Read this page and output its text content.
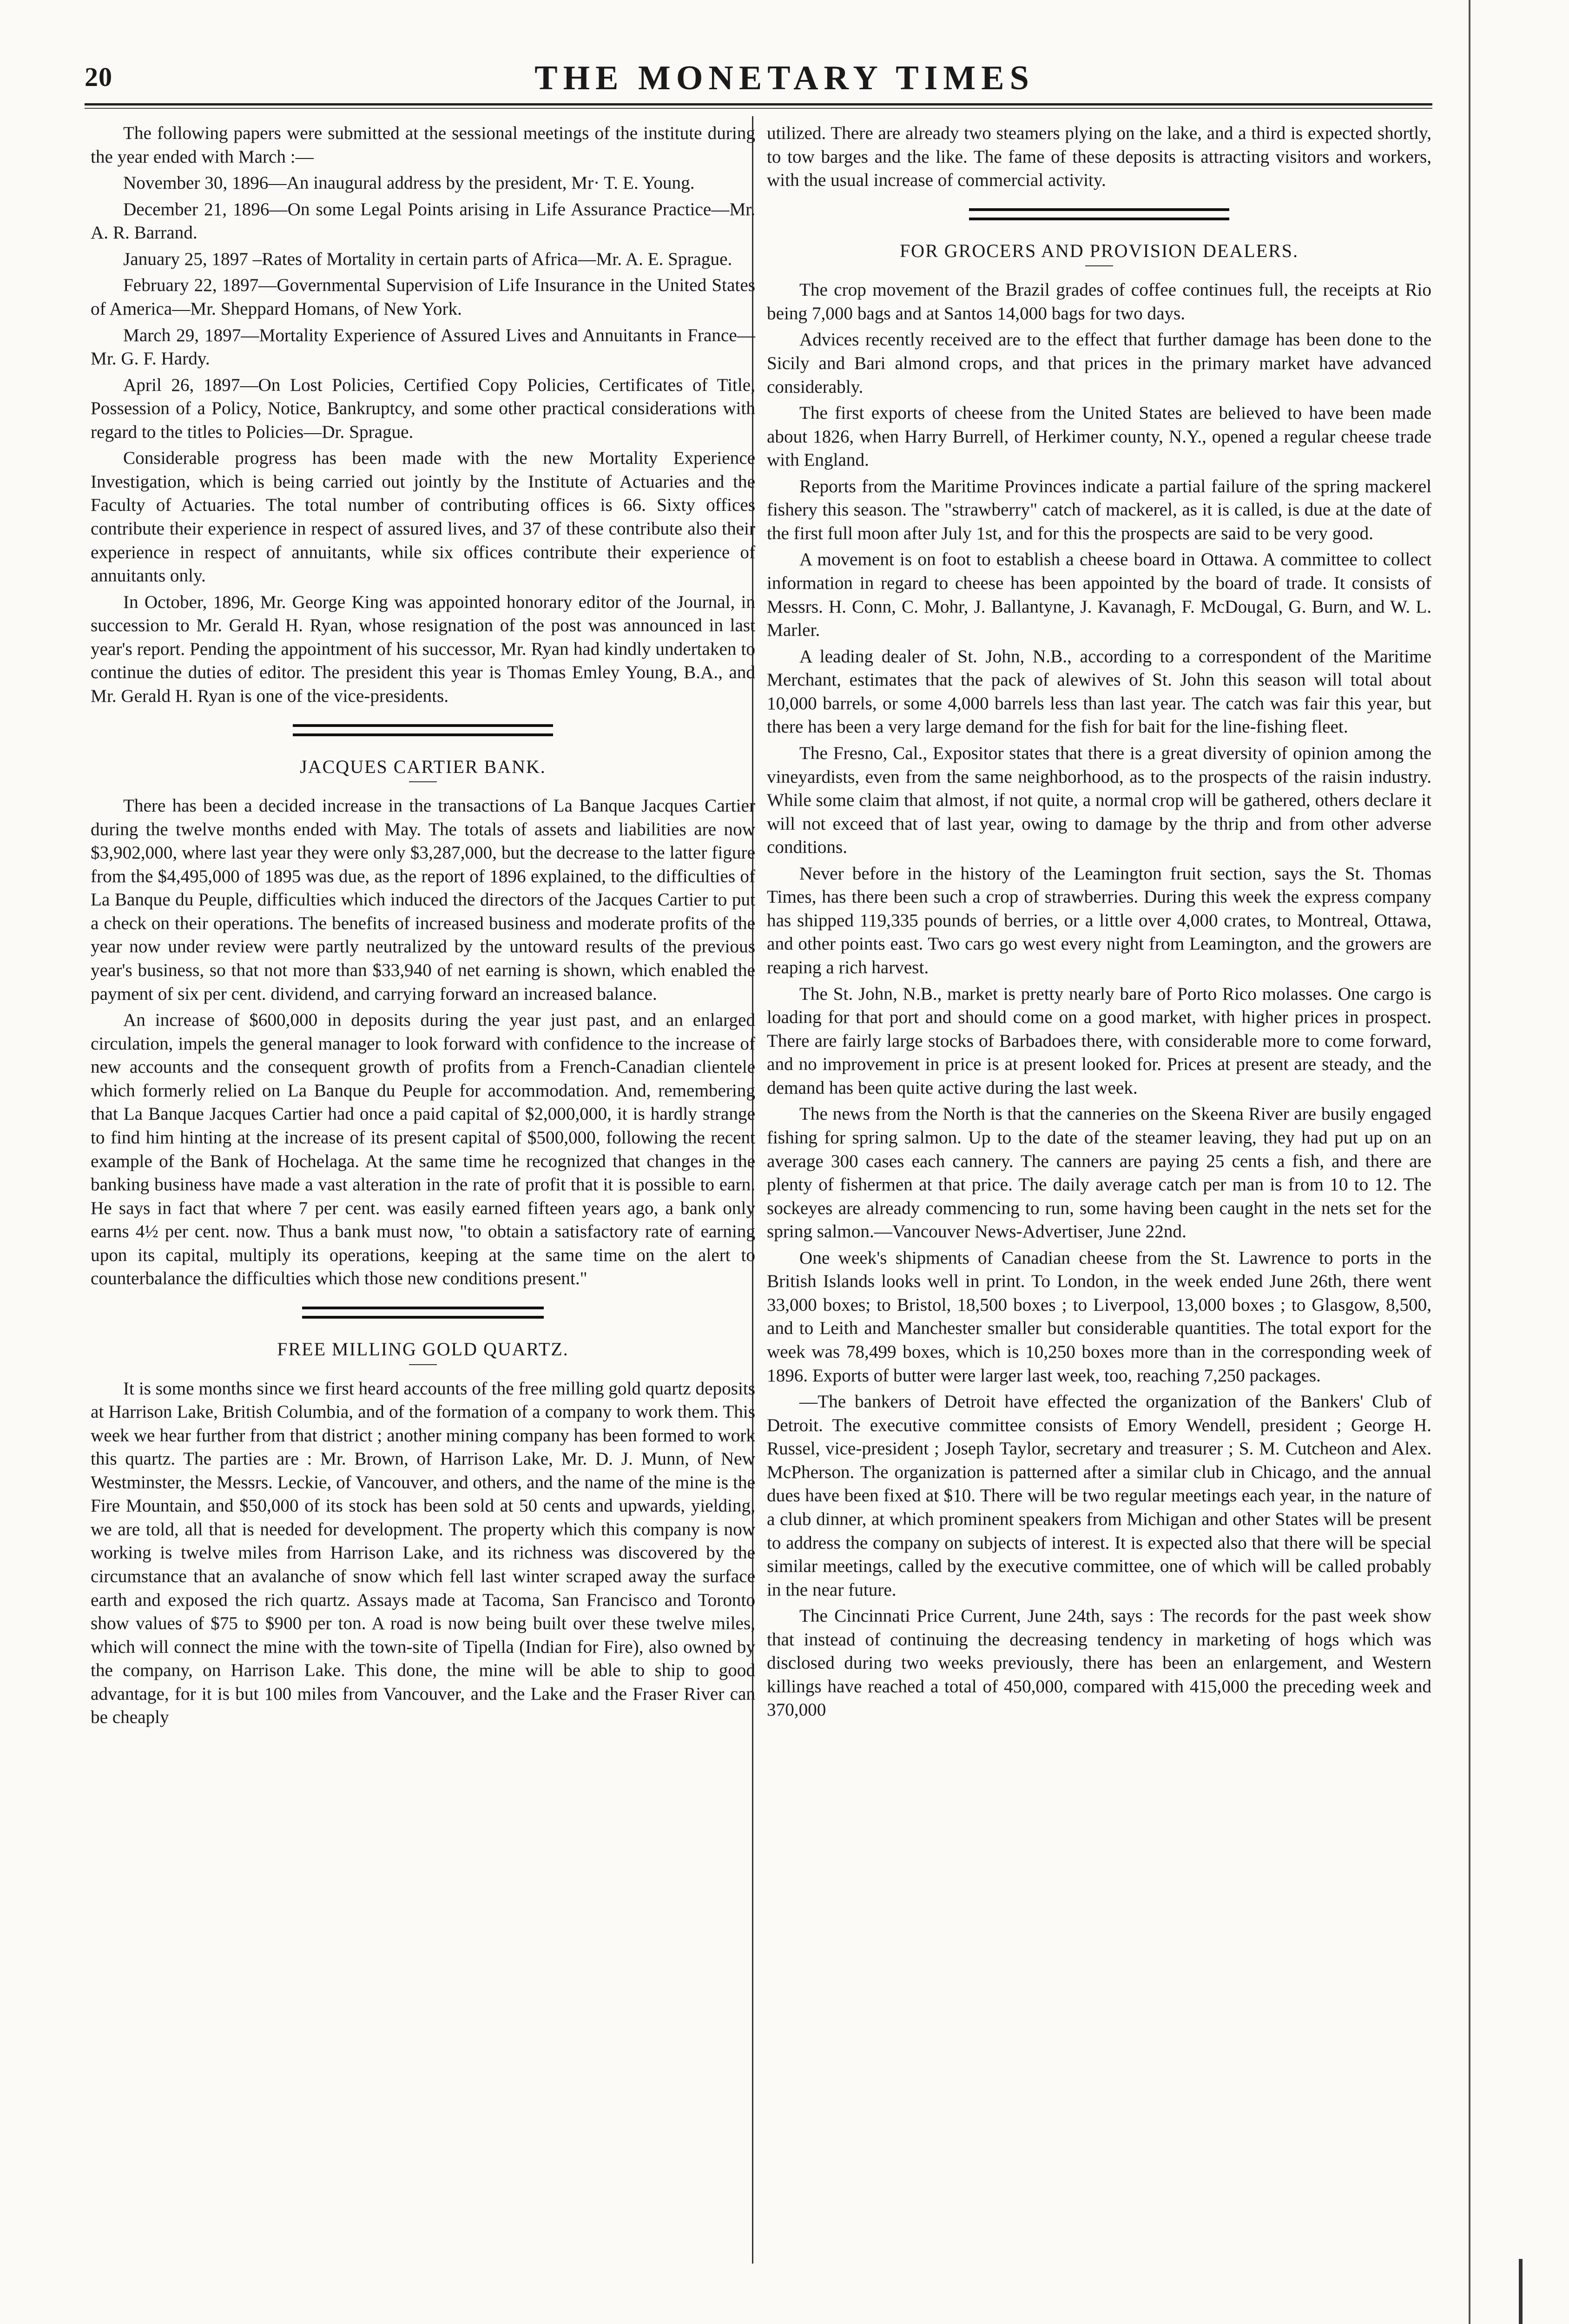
20	THE MONETARY TIMES

The following papers were submitted at the sessional meetings of the institute during the year ended with March :—

November 30, 1896—An inaugural address by the president, Mr· T. E. Young.

December 21, 1896—On some Legal Points arising in Life Assurance Practice—Mr. A. R. Barrand.

January 25, 1897 –Rates of Mortality in certain parts of Africa—Mr. A. E. Sprague.

February 22, 1897—Governmental Supervision of Life Insurance in the United States of America—Mr. Sheppard Homans, of New York.

March 29, 1897—Mortality Experience of Assured Lives and Annuitants in France—Mr. G. F. Hardy.

April 26, 1897—On Lost Policies, Certified Copy Policies, Certificates of Title, Possession of a Policy, Notice, Bankruptcy, and some other practical considerations with regard to the titles to Policies—Dr. Sprague.

Considerable progress has been made with the new Mortality Experience Investigation, which is being carried out jointly by the Institute of Actuaries and the Faculty of Actuaries. The total number of contributing offices is 66. Sixty offices contribute their experience in respect of assured lives, and 37 of these contribute also their experience in respect of annuitants, while six offices contribute their experience of annuitants only.

In October, 1896, Mr. George King was appointed honorary editor of the Journal, in succession to Mr. Gerald H. Ryan, whose resignation of the post was announced in last year's report. Pending the appointment of his successor, Mr. Ryan had kindly undertaken to continue the duties of editor. The president this year is Thomas Emley Young, B.A., and Mr. Gerald H. Ryan is one of the vice-presidents.

JACQUES CARTIER BANK.

There has been a decided increase in the transactions of La Banque Jacques Cartier during the twelve months ended with May. The totals of assets and liabilities are now $3,902,000, where last year they were only $3,287,000, but the decrease to the latter figure from the $4,495,000 of 1895 was due, as the report of 1896 explained, to the difficulties of La Banque du Peuple, difficulties which induced the directors of the Jacques Cartier to put a check on their operations. The benefits of increased business and moderate profits of the year now under review were partly neutralized by the untoward results of the previous year's business, so that not more than $33,940 of net earning is shown, which enabled the payment of six per cent. dividend, and carrying forward an increased balance.

An increase of $600,000 in deposits during the year just past, and an enlarged circulation, impels the general manager to look forward with confidence to the increase of new accounts and the consequent growth of profits from a French-Canadian clientele which formerly relied on La Banque du Peuple for accommodation. And, remembering that La Banque Jacques Cartier had once a paid capital of $2,000,000, it is hardly strange to find him hinting at the increase of its present capital of $500,000, following the recent example of the Bank of Hochelaga. At the same time he recognized that changes in the banking business have made a vast alteration in the rate of profit that it is possible to earn. He says in fact that where 7 per cent. was easily earned fifteen years ago, a bank only earns 4½ per cent. now. Thus a bank must now, "to obtain a satisfactory rate of earning upon its capital, multiply its operations, keeping at the same time on the alert to counterbalance the difficulties which those new conditions present."

FREE MILLING GOLD QUARTZ.

It is some months since we first heard accounts of the free milling gold quartz deposits at Harrison Lake, British Columbia, and of the formation of a company to work them. This week we hear further from that district ; another mining company has been formed to work this quartz. The parties are : Mr. Brown, of Harrison Lake, Mr. D. J. Munn, of New Westminster, the Messrs. Leckie, of Vancouver, and others, and the name of the mine is the Fire Mountain, and $50,000 of its stock has been sold at 50 cents and upwards, yielding, we are told, all that is needed for development. The property which this company is now working is twelve miles from Harrison Lake, and its richness was discovered by the circumstance that an avalanche of snow which fell last winter scraped away the surface earth and exposed the rich quartz. Assays made at Tacoma, San Francisco and Toronto show values of $75 to $900 per ton. A road is now being built over these twelve miles, which will connect the mine with the town-site of Tipella (Indian for Fire), also owned by the company, on Harrison Lake. This done, the mine will be able to ship to good advantage, for it is but 100 miles from Vancouver, and the Lake and the Fraser River can be cheaply

utilized. There are already two steamers plying on the lake, and a third is expected shortly, to tow barges and the like. The fame of these deposits is attracting visitors and workers, with the usual increase of commercial activity.

FOR GROCERS AND PROVISION DEALERS.

The crop movement of the Brazil grades of coffee continues full, the receipts at Rio being 7,000 bags and at Santos 14,000 bags for two days.

Advices recently received are to the effect that further damage has been done to the Sicily and Bari almond crops, and that prices in the primary market have advanced considerably.

The first exports of cheese from the United States are believed to have been made about 1826, when Harry Burrell, of Herkimer county, N.Y., opened a regular cheese trade with England.

Reports from the Maritime Provinces indicate a partial failure of the spring mackerel fishery this season. The "strawberry" catch of mackerel, as it is called, is due at the date of the first full moon after July 1st, and for this the prospects are said to be very good.

A movement is on foot to establish a cheese board in Ottawa. A committee to collect information in regard to cheese has been appointed by the board of trade. It consists of Messrs. H. Conn, C. Mohr, J. Ballantyne, J. Kavanagh, F. McDougal, G. Burn, and W. L. Marler.

A leading dealer of St. John, N.B., according to a correspondent of the Maritime Merchant, estimates that the pack of alewives of St. John this season will total about 10,000 barrels, or some 4,000 barrels less than last year. The catch was fair this year, but there has been a very large demand for the fish for bait for the line-fishing fleet.

The Fresno, Cal., Expositor states that there is a great diversity of opinion among the vineyardists, even from the same neighborhood, as to the prospects of the raisin industry. While some claim that almost, if not quite, a normal crop will be gathered, others declare it will not exceed that of last year, owing to damage by the thrip and from other adverse conditions.

Never before in the history of the Leamington fruit section, says the St. Thomas Times, has there been such a crop of strawberries. During this week the express company has shipped 119,335 pounds of berries, or a little over 4,000 crates, to Montreal, Ottawa, and other points east. Two cars go west every night from Leamington, and the growers are reaping a rich harvest.

The St. John, N.B., market is pretty nearly bare of Porto Rico molasses. One cargo is loading for that port and should come on a good market, with higher prices in prospect. There are fairly large stocks of Barbadoes there, with considerable more to come forward, and no improvement in price is at present looked for. Prices at present are steady, and the demand has been quite active during the last week.

The news from the North is that the canneries on the Skeena River are busily engaged fishing for spring salmon. Up to the date of the steamer leaving, they had put up on an average 300 cases each cannery. The canners are paying 25 cents a fish, and there are plenty of fishermen at that price. The daily average catch per man is from 10 to 12. The sockeyes are already commencing to run, some having been caught in the nets set for the spring salmon.—Vancouver News-Advertiser, June 22nd.

One week's shipments of Canadian cheese from the St. Lawrence to ports in the British Islands looks well in print. To London, in the week ended June 26th, there went 33,000 boxes; to Bristol, 18,500 boxes ; to Liverpool, 13,000 boxes ; to Glasgow, 8,500, and to Leith and Manchester smaller but considerable quantities. The total export for the week was 78,499 boxes, which is 10,250 boxes more than in the corresponding week of 1896. Exports of butter were larger last week, too, reaching 7,250 packages.

—The bankers of Detroit have effected the organization of the Bankers' Club of Detroit. The executive committee consists of Emory Wendell, president ; George H. Russel, vice-president ; Joseph Taylor, secretary and treasurer ; S. M. Cutcheon and Alex. McPherson. The organization is patterned after a similar club in Chicago, and the annual dues have been fixed at $10. There will be two regular meetings each year, in the nature of a club dinner, at which prominent speakers from Michigan and other States will be present to address the company on subjects of interest. It is expected also that there will be special similar meetings, called by the executive committee, one of which will be called probably in the near future.

The Cincinnati Price Current, June 24th, says : The records for the past week show that instead of continuing the decreasing tendency in marketing of hogs which was disclosed during two weeks previously, there has been an enlargement, and Western killings have reached a total of 450,000, compared with 415,000 the preceding week and 370,000
